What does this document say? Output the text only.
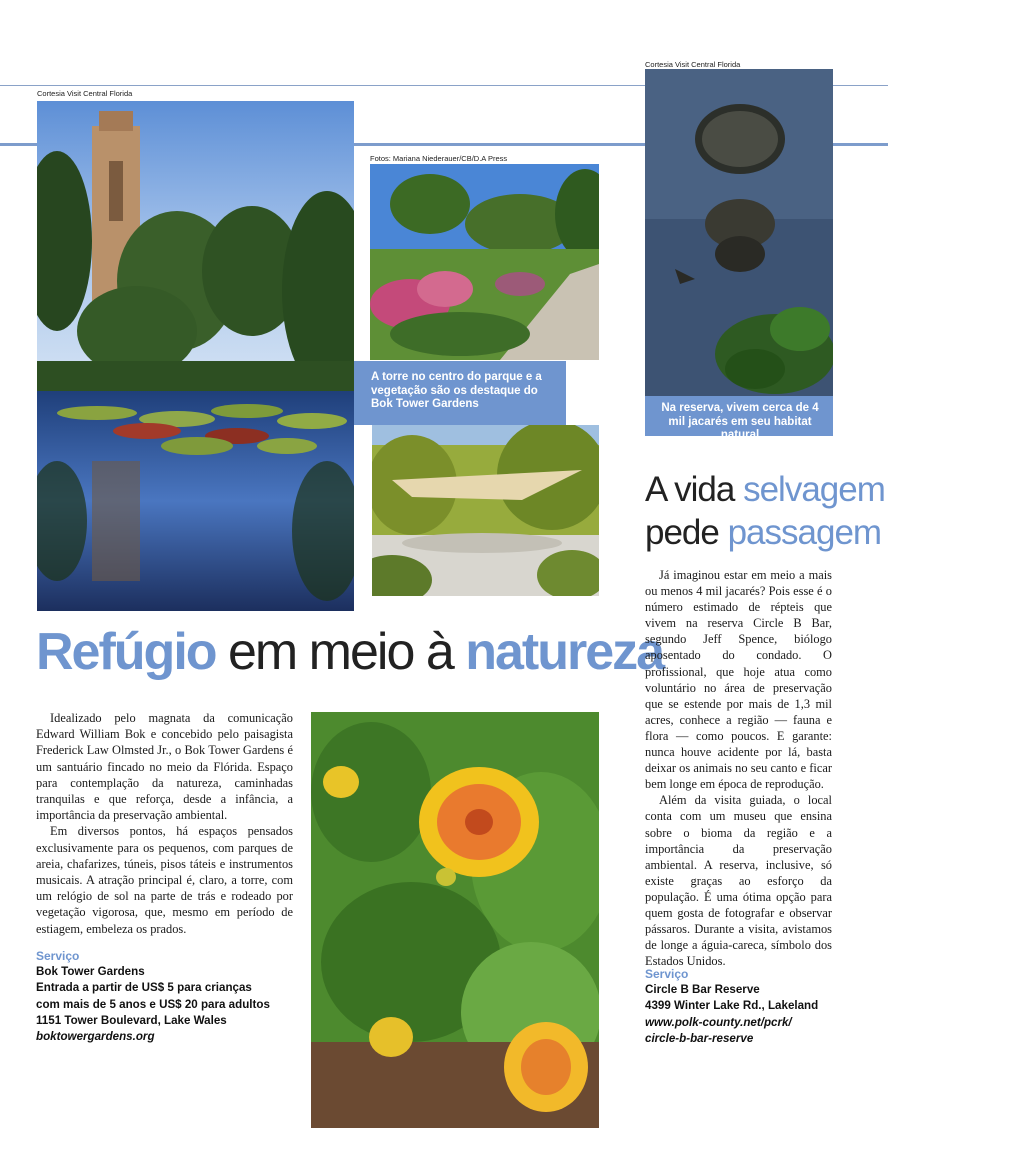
Cortesia Visit Central Florida
Fotos: Mariana Niederauer/CB/D.A Press
Cortesia Visit Central Florida
A torre no centro do parque e a vegetação são os destaque do Bok Tower Gardens	Na reserva, vivem cerca de 4 mil jacarés em seu habitat natural
Refúgio em meio à natureza

Idealizado pelo magnata da comunicação Edward William Bok e concebido pelo paisagista Frederick Law Olmsted Jr., o Bok Tower Gardens é um santuário fincado no meio da Flórida. Espaço para contemplação da natureza, caminhadas tranquilas e que reforça, desde a infância, a importância da preservação ambiental.

Em diversos pontos, há espaços pensados exclusivamente para os pequenos, com parques de areia, chafarizes, túneis, pisos táteis e instrumentos musicais. A atração principal é, claro, a torre, com um relógio de sol na parte de trás e rodeado por vegetação vigorosa, que, mesmo em período de estiagem, embeleza os prados.

Serviço
Bok Tower Gardens
Entrada a partir de US$ 5 para crianças
com mais de 5 anos e US$ 20 para adultos
1151 Tower Boulevard, Lake Wales
boktowergardens.org
A vida selvagem
pede passagem

Já imaginou estar em meio a mais ou menos 4 mil jacarés? Pois esse é o número estimado de répteis que vivem na reserva Circle B Bar, segundo Jeff Spence, biólogo aposentado do condado. O profissional, que hoje atua como voluntário no área de preservação que se estende por mais de 1,3 mil acres, conhece a região — fauna e flora — como poucos. E garante: nunca houve acidente por lá, basta deixar os animais no seu canto e ficar bem longe em época de reprodução.

Além da visita guiada, o local conta com um museu que ensina sobre o bioma da região e a importância da preservação ambiental. A reserva, inclusive, só existe graças ao esforço da população. É uma ótima opção para quem gosta de fotografar e observar pássaros. Durante a visita, avistamos de longe a águia-careca, símbolo dos Estados Unidos.

Serviço
Circle B Bar Reserve
4399 Winter Lake Rd., Lakeland
www.polk-county.net/pcrk/
circle-b-bar-reserve
